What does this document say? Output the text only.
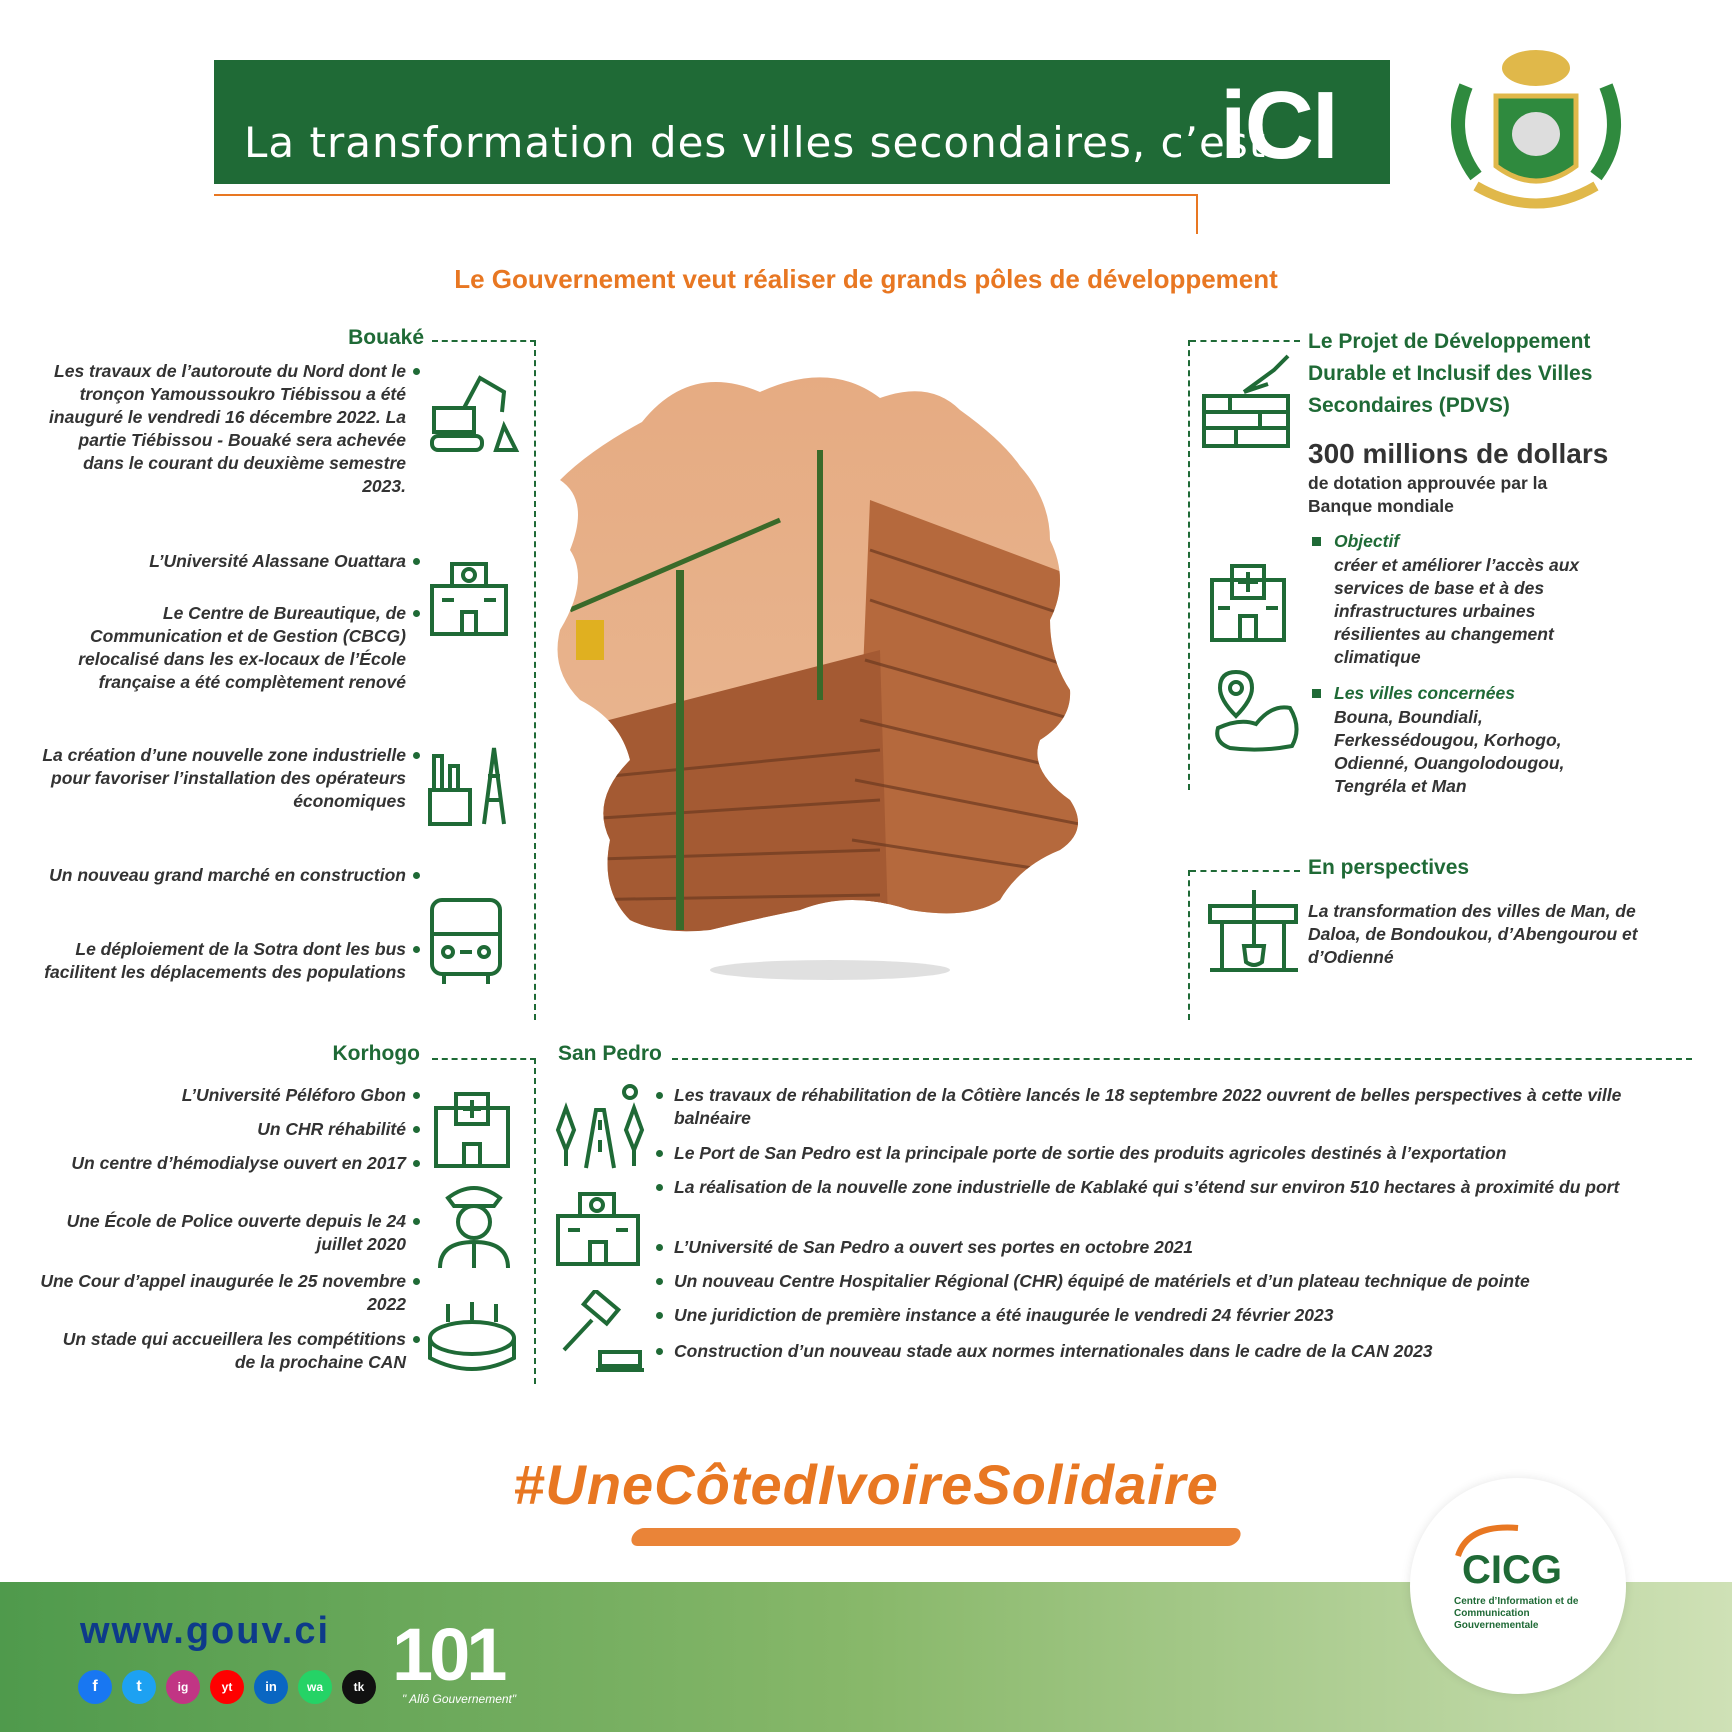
La transformation des villes secondaires, c’est
iCI
Le Gouvernement veut réaliser de grands pôles de développement
Bouaké
Les travaux de l’autoroute du Nord dont le tronçon Yamoussoukro Tiébissou a été inauguré le vendredi 16 décembre 2022. La partie Tiébissou - Bouaké sera achevée dans le courant du deuxième semestre 2023.
L’Université Alassane Ouattara
Le Centre de Bureautique, de Communication et de Gestion (CBCG) relocalisé dans les ex-locaux de l’École française a été complètement renové
La création d’une nouvelle zone industrielle pour favoriser l’installation des opérateurs économiques
Un nouveau grand marché en construction
Le déploiement de la Sotra dont les bus facilitent les déplacements des populations
Le Projet de Développement Durable et Inclusif des Villes Secondaires (PDVS)
300 millions de dollars
de dotation approuvée par la Banque mondiale
Objectif
créer et améliorer l’accès aux services de base et à des infrastructures urbaines résilientes au changement climatique
Les villes concernées
Bouna, Boundiali, Ferkessédougou, Korhogo, Odienné, Ouangolodougou, Tengréla et Man
En perspectives
La transformation des villes de Man, de Daloa, de Bondoukou, d’Abengourou et d’Odienné
Korhogo
L’Université Péléforo Gbon
Un CHR réhabilité
Un centre d’hémodialyse ouvert en 2017
Une École de Police ouverte depuis le 24 juillet 2020
Une Cour d’appel inaugurée le 25 novembre 2022
Un stade qui accueillera les compétitions de la prochaine CAN
San Pedro
Les travaux de réhabilitation de la Côtière lancés le 18 septembre 2022 ouvrent de belles perspectives à cette ville balnéaire
Le Port de San Pedro est la principale porte de sortie des produits agricoles destinés à l’exportation
La réalisation de la nouvelle zone industrielle de Kablaké qui s’étend sur environ 510 hectares à proximité du port
L’Université de San Pedro a ouvert ses portes en octobre 2021
Un nouveau Centre Hospitalier Régional (CHR) équipé de matériels et d’un plateau technique de pointe
Une juridiction de première instance a été inaugurée le vendredi 24 février 2023
Construction d’un nouveau stade aux normes internationales dans le cadre de la CAN 2023
#UneCôtedIvoireSolidaire
www.gouv.ci
f	t	ig	yt	in	wa	tk 101
" Allô Gouvernement"
CICG
Centre d’Information et de Communication Gouvernementale
